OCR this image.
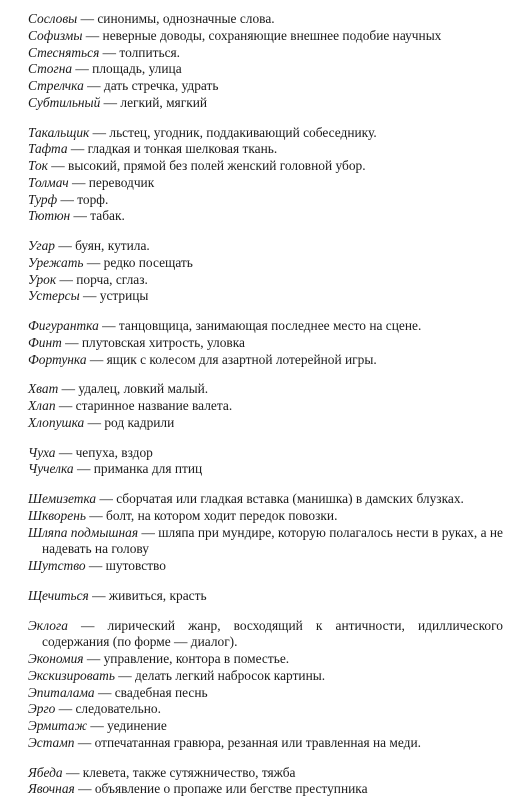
Сословы — синонимы, однозначные слова.
Софизмы — неверные доводы, сохраняющие внешнее подобие научных
Стесняться — толпиться.
Стогна — площадь, улица
Стрелчка — дать стречка, удрать
Субтильный — легкий, мягкий
Такальщик — льстец, угодник, поддакивающий собеседнику.
Тафта — гладкая и тонкая шелковая ткань.
Ток — высокий, прямой без полей женский головной убор.
Толмач — переводчик
Турф — торф.
Тютюн — табак.
Угар — буян, кутила.
Урежать — редко посещать
Урок — порча, сглаз.
Устерсы — устрицы
Фигурантка — танцовщица, занимающая последнее место на сцене.
Финт — плутовская хитрость, уловка
Фортунка — ящик с колесом для азартной лотерейной игры.
Хват — удалец, ловкий малый.
Хлап — старинное название валета.
Хлопушка — род кадрили
Чуха — чепуха, вздор
Чучелка — приманка для птиц
Шемизетка — сборчатая или гладкая вставка (манишка) в дамских блузках.
Шкворень — болт, на котором ходит передок повозки.
Шляпа подмышная — шляпа при мундире, которую полагалось нести в руках, а не надевать на голову
Шутство — шутовство
Щечиться — живиться, красть
Эклога — лирический жанр, восходящий к античности, идиллического содержания (по форме — диалог).
Экономия — управление, контора в поместье.
Экскизировать — делать легкий набросок картины.
Эпиталама — свадебная песнь
Эрго — следовательно.
Эрмитаж — уединение
Эстамп — отпечатанная гравюра, резанная или травленная на меди.
Ябеда — клевета, также сутяжничество, тяжба
Явочная — объявление о пропаже или бегстве преступника
